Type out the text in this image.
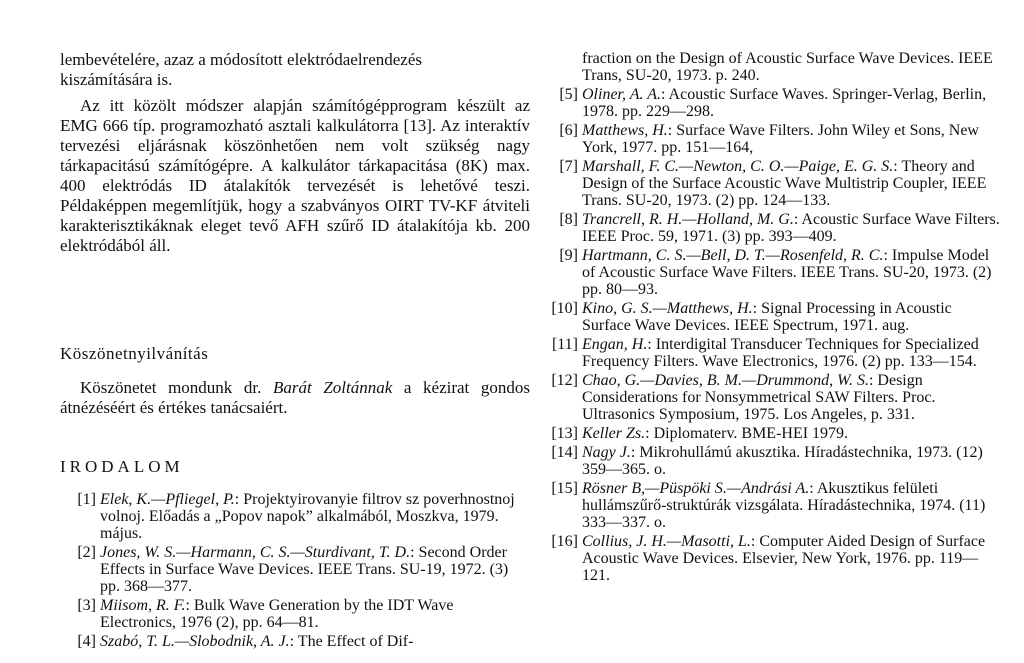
lembevételére, azaz a módosított elektródaelrendezés

kiszámítására is.

Az itt közölt módszer alapján számítógépprogram készült az EMG 666 típ. programozható asztali kalkulátorra [13]. Az interaktív tervezési eljárásnak köszönhetően nem volt szükség nagy tárkapacitású számítógépre. A kalkulátor tárkapacitása (8K) max. 400 elektródás ID átalakítók tervezését is lehetővé teszi. Példaképpen megemlítjük, hogy a szabványos OIRT TV-KF átviteli karakterisztikáknak eleget tevő AFH szűrő ID átalakítója kb. 200 elektródából áll.

Köszönetnyilvánítás
Köszönetet mondunk dr. Barát Zoltánnak a kézirat gondos átnézéséért és értékes tanácsaiért.
IRODALOM
[1] Elek, K.—Pfliegel, P.: Projektyirovanyie filtrov sz poverhnostnoj volnoj. Előadás a „Popov napok” alkalmából, Moszkva, 1979. május.
[2] Jones, W. S.—Harmann, C. S.—Sturdivant, T. D.: Second Order Effects in Surface Wave Devices. IEEE Trans. SU-19, 1972. (3) pp. 368—377.
[3] Miisom, R. F.: Bulk Wave Generation by the IDT Wave Electronics, 1976 (2), pp. 64—81.
[4] Szabó, T. L.—Slobodnik, A. J.: The Effect of Dif-
fraction on the Design of Acoustic Surface Wave Devices. IEEE Trans, SU-20, 1973. p. 240.
[5] Oliner, A. A.: Acoustic Surface Waves. Springer-Verlag, Berlin, 1978. pp. 229—298.
[6] Matthews, H.: Surface Wave Filters. John Wiley et Sons, New York, 1977. pp. 151—164,
[7] Marshall, F. C.—Newton, C. O.—Paige, E. G. S.: Theory and Design of the Surface Acoustic Wave Multistrip Coupler, IEEE Trans. SU-20, 1973. (2) pp. 124—133.
[8] Trancrell, R. H.—Holland, M. G.: Acoustic Surface Wave Filters. IEEE Proc. 59, 1971. (3) pp. 393—409.
[9] Hartmann, C. S.—Bell, D. T.—Rosenfeld, R. C.: Impulse Model of Acoustic Surface Wave Filters. IEEE Trans. SU-20, 1973. (2) pp. 80—93.
[10] Kino, G. S.—Matthews, H.: Signal Processing in Acoustic Surface Wave Devices. IEEE Spectrum, 1971. aug.
[11] Engan, H.: Interdigital Transducer Techniques for Specialized Frequency Filters. Wave Electronics, 1976. (2) pp. 133—154.
[12] Chao, G.—Davies, B. M.—Drummond, W. S.: Design Considerations for Nonsymmetrical SAW Filters. Proc. Ultrasonics Symposium, 1975. Los Angeles, p. 331.
[13] Keller Zs.: Diplomaterv. BME-HEI 1979.
[14] Nagy J.: Mikrohullámú akusztika. Híradástechnika, 1973. (12) 359—365. o.
[15] Rösner B,—Püspöki S.—Andrási A.: Akusztikus felületi hullámszűrő-struktúrák vizsgálata. Híradástechnika, 1974. (11) 333—337. o.
[16] Collius, J. H.—Masotti, L.: Computer Aided Design of Surface Acoustic Wave Devices. Elsevier, New York, 1976. pp. 119—121.
